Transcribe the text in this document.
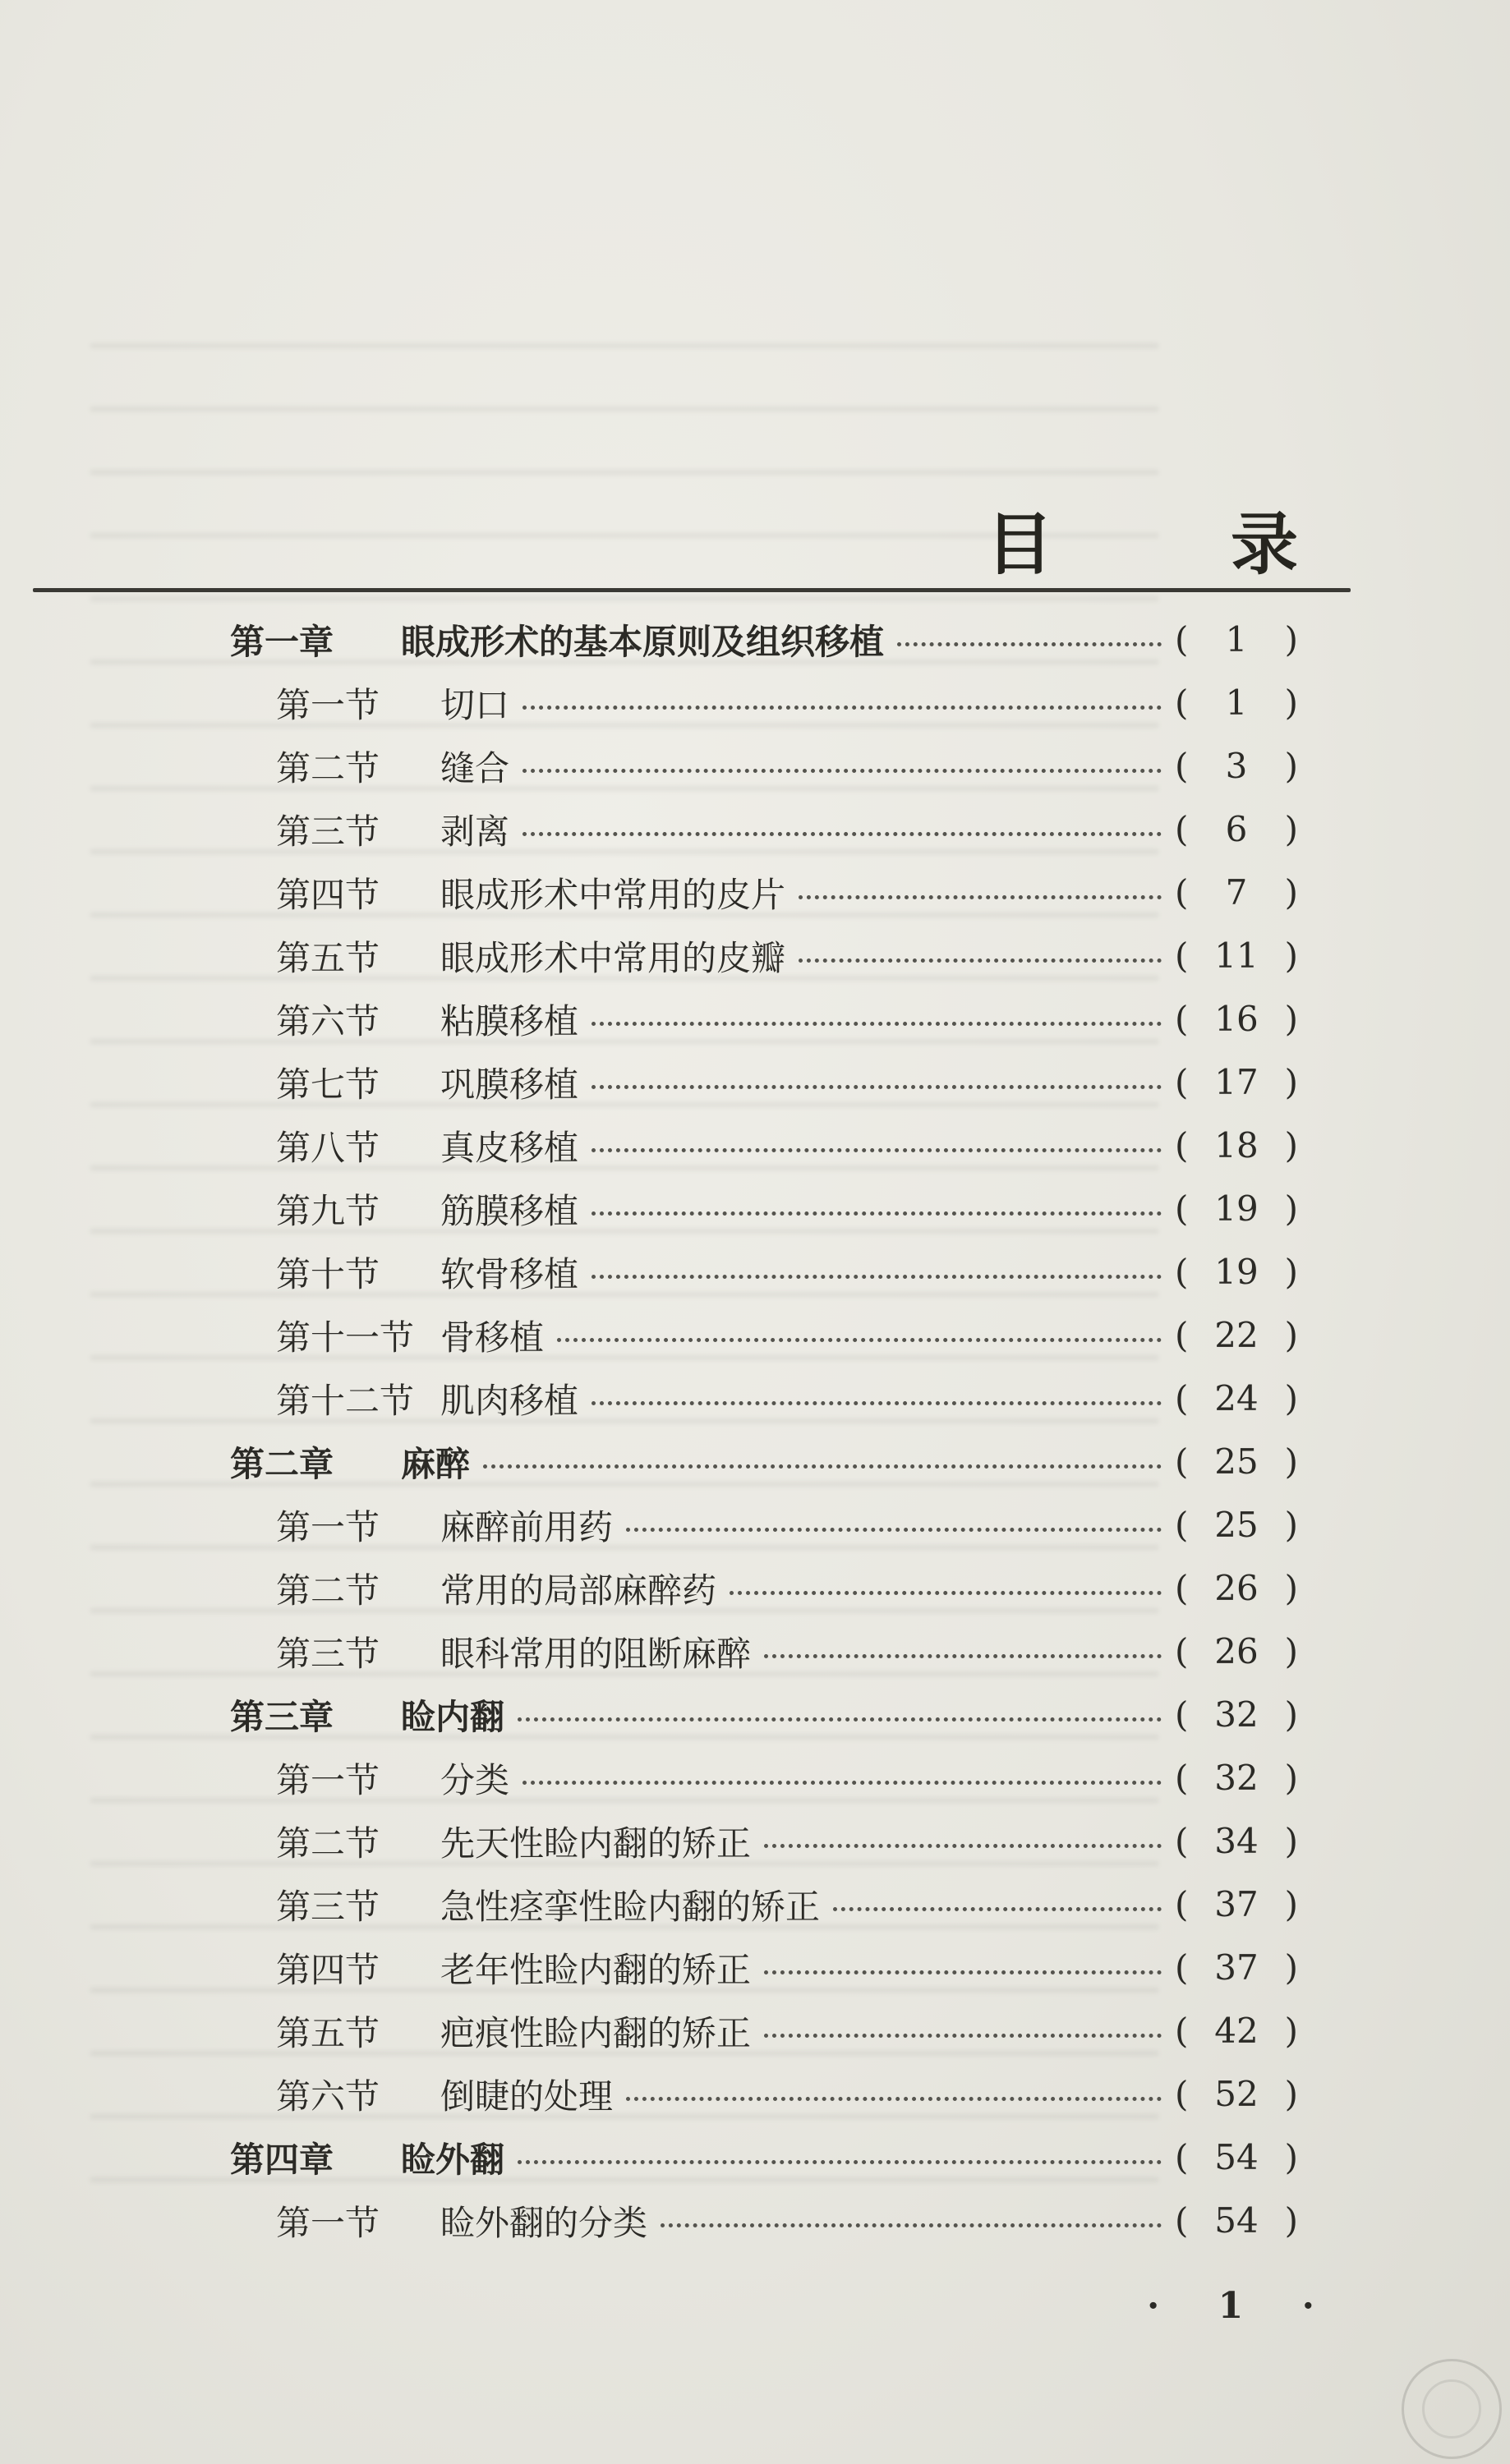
目	录
第一章	眼成形术的基本原则及组织移植	(	1	)
第一节	切口	(	1	)
第二节	缝合	(	3	)
第三节	剥离	(	6	)
第四节	眼成形术中常用的皮片	(	7	)
第五节	眼成形术中常用的皮瓣	( 11 )
第六节	粘膜移植	( 16 )
第七节	巩膜移植	( 17 )
第八节	真皮移植	( 18 )
第九节	筋膜移植	( 19 )
第十节	软骨移植	( 19 )
第十一节 骨移植	( 22 )
第十二节 肌肉移植	( 24 )
第二章	麻醉	( 25 )
第一节	麻醉前用药	( 25 )
第二节	常用的局部麻醉药	( 26 )
第三节	眼科常用的阻断麻醉	( 26 )
第三章	睑内翻	( 32 )
第一节	分类	( 32 )
第二节	先天性睑内翻的矫正	( 34 )
第三节	急性痉挛性睑内翻的矫正	( 37 )
第四节	老年性睑内翻的矫正	( 37 )
第五节	疤痕性睑内翻的矫正	( 42 )
第六节	倒睫的处理	( 52 )
第四章	睑外翻	( 54 )
第一节	睑外翻的分类	( 54 )
· 1 ·
